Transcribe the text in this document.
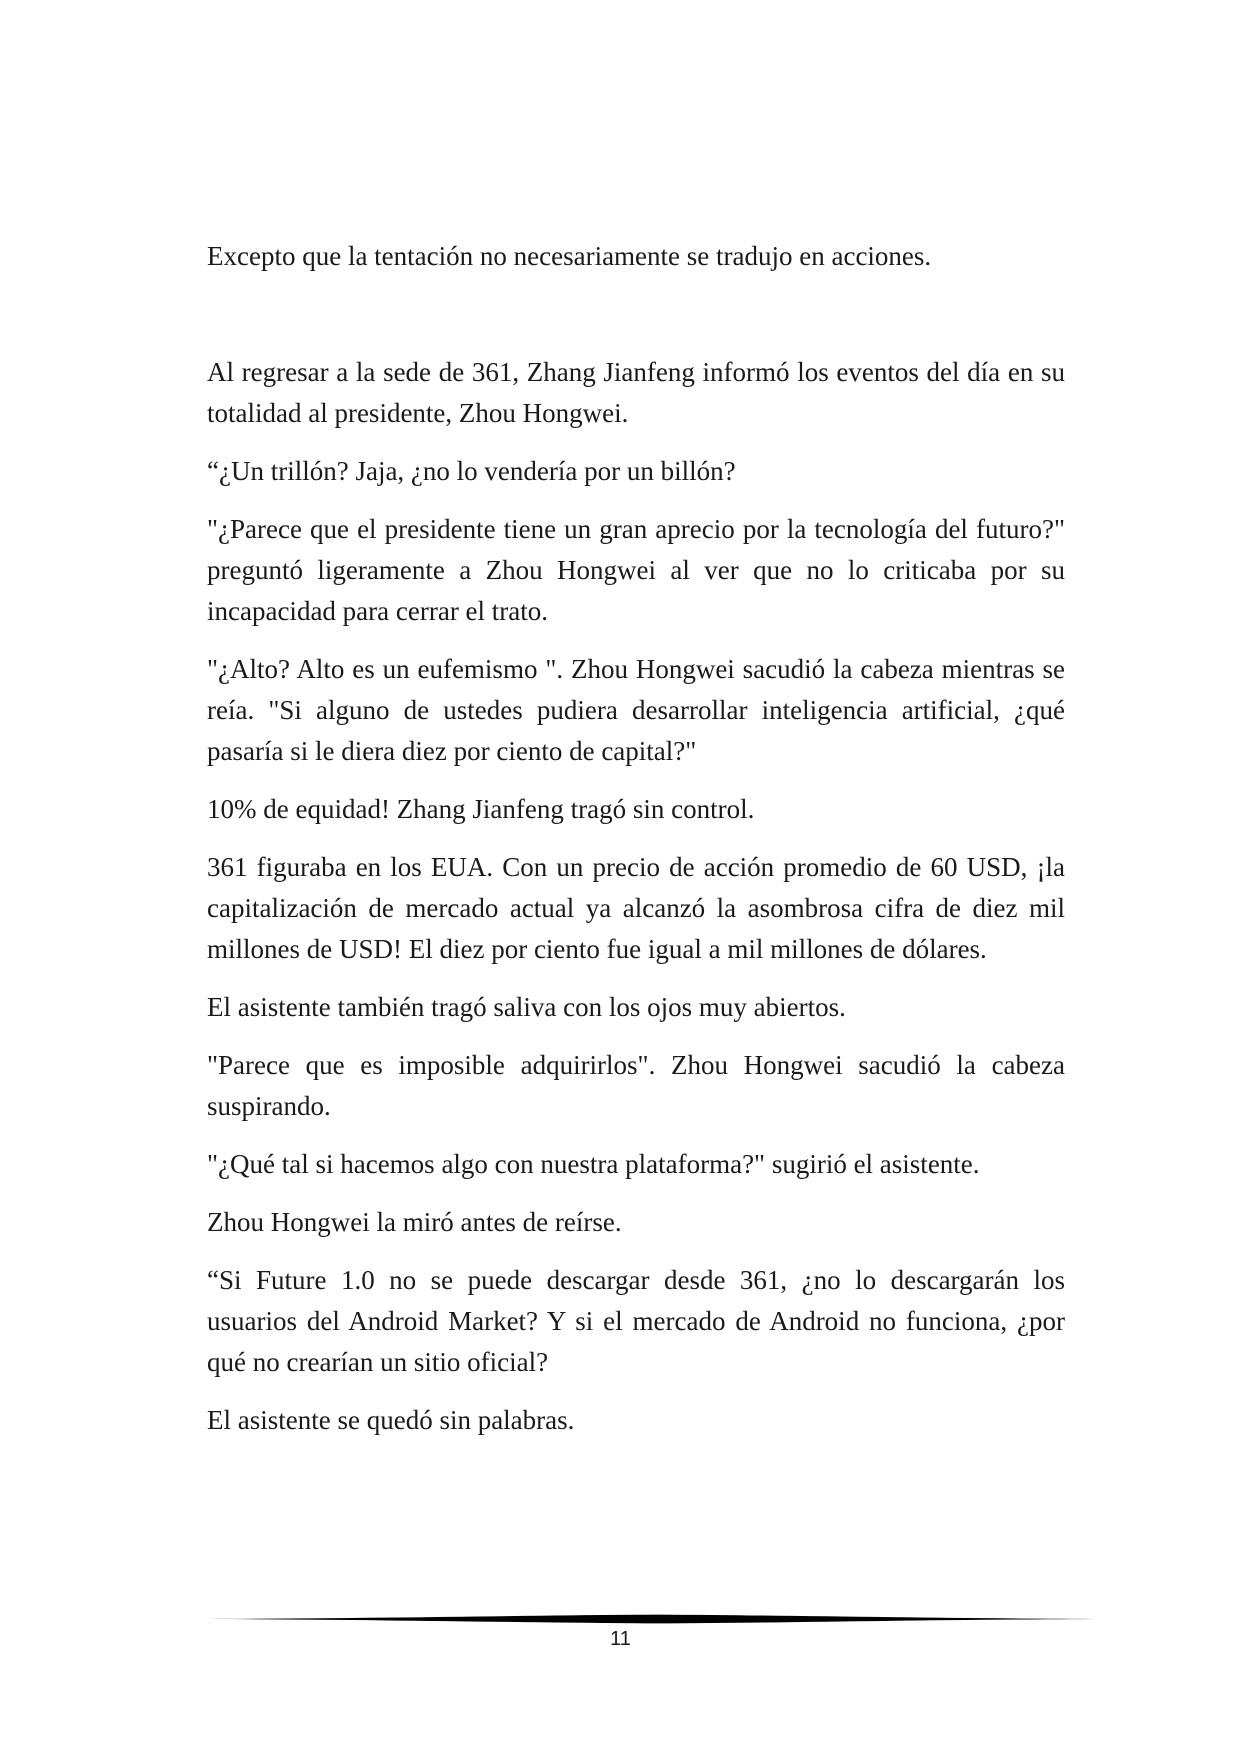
Excepto que la tentación no necesariamente se tradujo en acciones.

Al regresar a la sede de 361, Zhang Jianfeng informó los eventos del día en su totalidad al presidente, Zhou Hongwei.

“¿Un trillón? Jaja, ¿no lo vendería por un billón?

"¿Parece que el presidente tiene un gran aprecio por la tecnología del futuro?" preguntó ligeramente a Zhou Hongwei al ver que no lo criticaba por su incapacidad para cerrar el trato.

"¿Alto? Alto es un eufemismo ". Zhou Hongwei sacudió la cabeza mientras se reía. "Si alguno de ustedes pudiera desarrollar inteligencia artificial, ¿qué pasaría si le diera diez por ciento de capital?"

10% de equidad! Zhang Jianfeng tragó sin control.

361 figuraba en los EUA. Con un precio de acción promedio de 60 USD, ¡la capitalización de mercado actual ya alcanzó la asombrosa cifra de diez mil millones de USD! El diez por ciento fue igual a mil millones de dólares.

El asistente también tragó saliva con los ojos muy abiertos.

"Parece que es imposible adquirirlos". Zhou Hongwei sacudió la cabeza suspirando.

"¿Qué tal si hacemos algo con nuestra plataforma?" sugirió el asistente.

Zhou Hongwei la miró antes de reírse.

“Si Future 1.0 no se puede descargar desde 361, ¿no lo descargarán los usuarios del Android Market? Y si el mercado de Android no funciona, ¿por qué no crearían un sitio oficial?

El asistente se quedó sin palabras.

11
